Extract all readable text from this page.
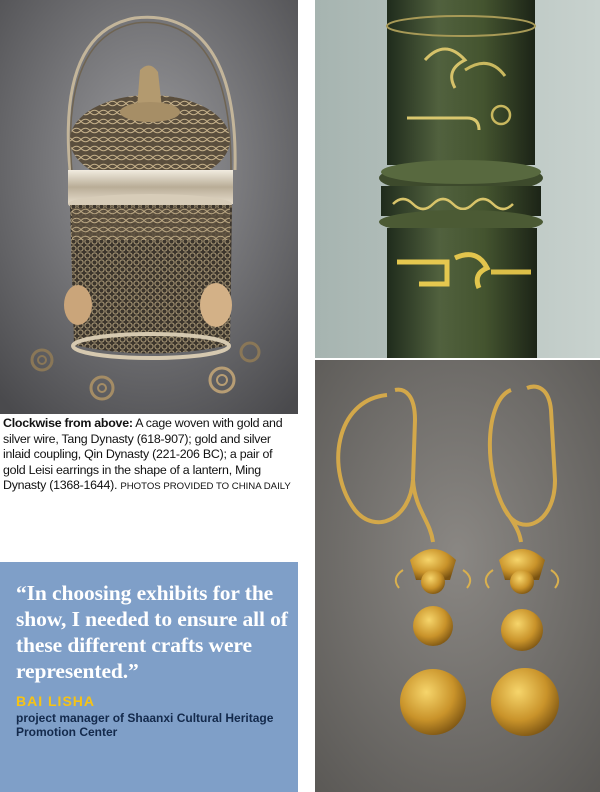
Clockwise from above: A cage woven with gold and silver wire, Tang Dynasty (618-907); gold and silver inlaid coupling, Qin Dynasty (221-206 BC); a pair of gold Leisi earrings in the shape of a lantern, Ming Dynasty (1368-1644). PHOTOS PROVIDED TO CHINA DAILY
“In choosing exhibits for the show, I needed to ensure all of these different crafts were represented.”
BAI LISHA
project manager of Shaanxi Cultural Heritage Promotion Center
